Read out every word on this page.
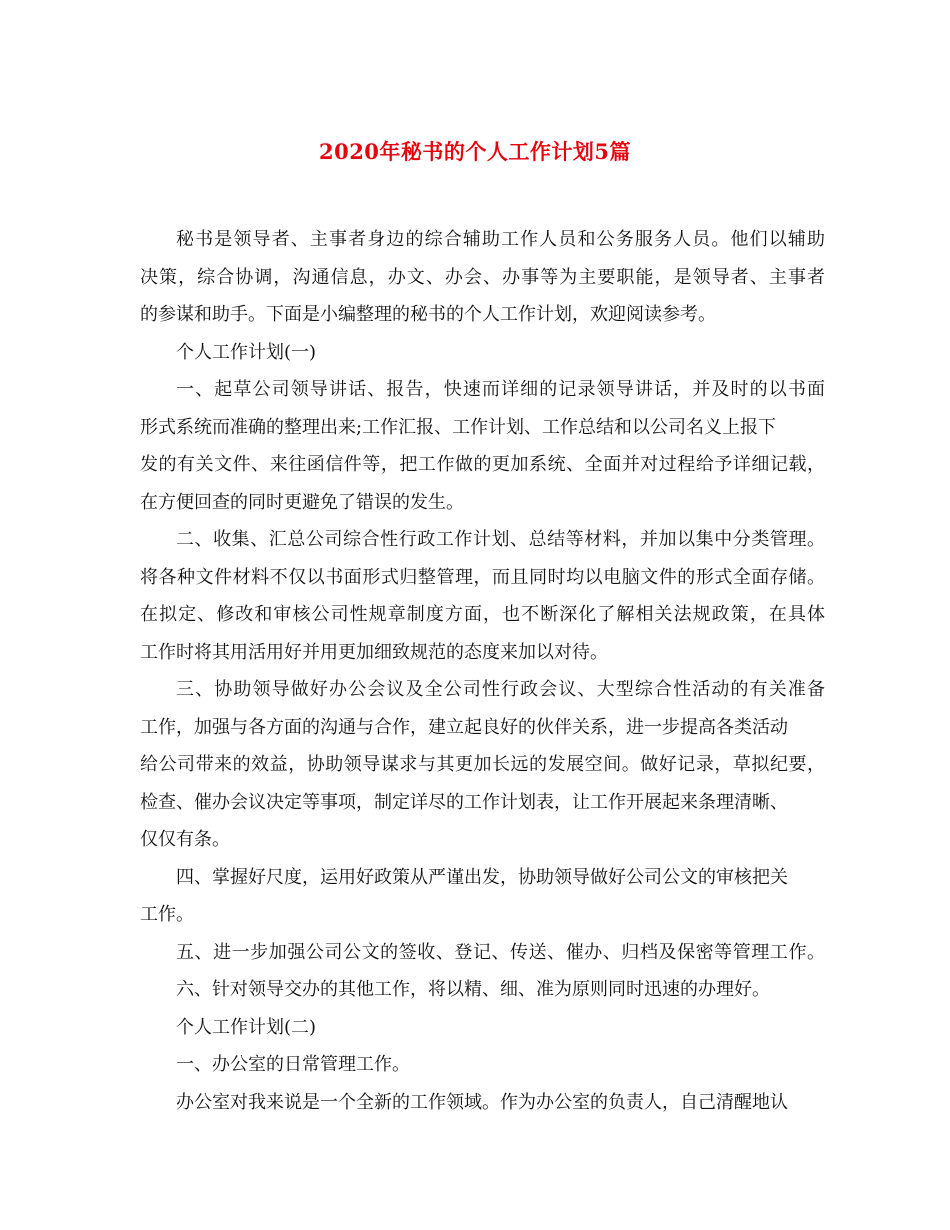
2020年秘书的个人工作计划5篇
秘书是领导者、主事者身边的综合辅助工作人员和公务服务人员。他们以辅助
决策，综合协调，沟通信息，办文、办会、办事等为主要职能，是领导者、主事者
的参谋和助手。下面是小编整理的秘书的个人工作计划，欢迎阅读参考。
个人工作计划(一)
一、起草公司领导讲话、报告，快速而详细的记录领导讲话，并及时的以书面
形式系统而准确的整理出来;工作汇报、工作计划、工作总结和以公司名义上报下
发的有关文件、来往函信件等，把工作做的更加系统、全面并对过程给予详细记载，
在方便回查的同时更避免了错误的发生。
二、收集、汇总公司综合性行政工作计划、总结等材料，并加以集中分类管理。
将各种文件材料不仅以书面形式归整管理，而且同时均以电脑文件的形式全面存储。
在拟定、修改和审核公司性规章制度方面，也不断深化了解相关法规政策，在具体
工作时将其用活用好并用更加细致规范的态度来加以对待。
三、协助领导做好办公会议及全公司性行政会议、大型综合性活动的有关准备
工作，加强与各方面的沟通与合作，建立起良好的伙伴关系，进一步提高各类活动
给公司带来的效益，协助领导谋求与其更加长远的发展空间。做好记录，草拟纪要，
检查、催办会议决定等事项，制定详尽的工作计划表，让工作开展起来条理清晰、
仅仅有条。
四、掌握好尺度，运用好政策从严谨出发，协助领导做好公司公文的审核把关
工作。
五、进一步加强公司公文的签收、登记、传送、催办、归档及保密等管理工作。
六、针对领导交办的其他工作，将以精、细、准为原则同时迅速的办理好。
个人工作计划(二)
一、办公室的日常管理工作。
办公室对我来说是一个全新的工作领域。作为办公室的负责人，自己清醒地认
